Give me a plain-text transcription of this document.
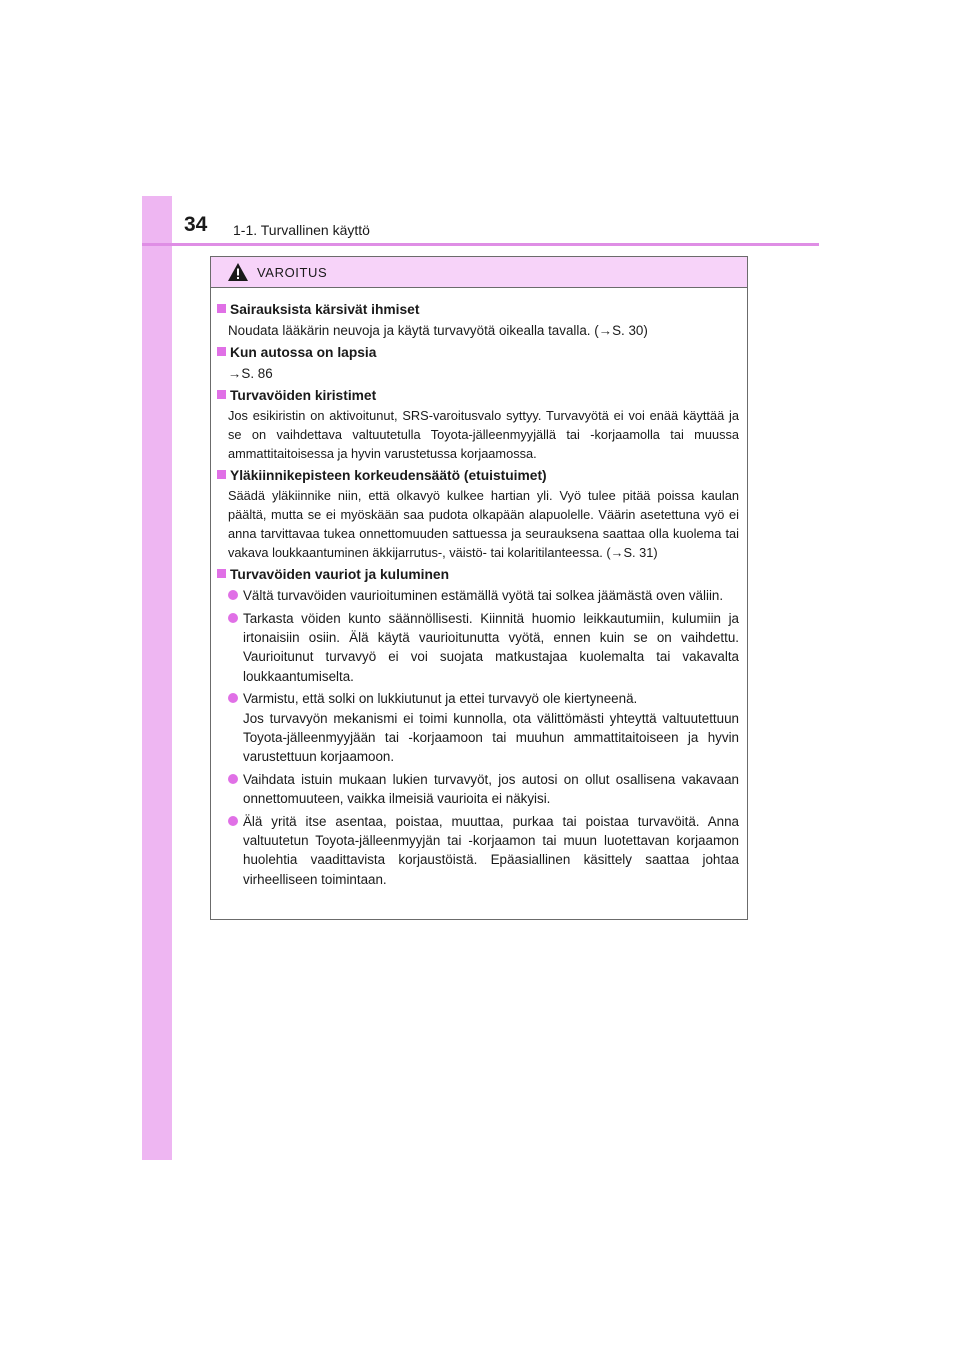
34 1-1. Turvallinen käyttö
VAROITUS
Sairauksista kärsivät ihmiset
Noudata lääkärin neuvoja ja käytä turvavyötä oikealla tavalla. (→S. 30)
Kun autossa on lapsia
→S. 86
Turvavöiden kiristimet
Jos esikiristin on aktivoitunut, SRS-varoitusvalo syttyy. Turvavyötä ei voi enää käyttää ja se on vaihdettava valtuutetulla Toyota-jälleenmyyjällä tai -korjaamolla tai muussa ammattitaitoisessa ja hyvin varustetussa korjaamossa.
Yläkiinnikepisteen korkeudensäätö (etuistuimet)
Säädä yläkiinnike niin, että olkavyö kulkee hartian yli. Vyö tulee pitää poissa kaulan päältä, mutta se ei myöskään saa pudota olkapään alapuolelle. Väärin asetettuna vyö ei anna tarvittavaa tukea onnettomuuden sattuessa ja seurauksena saattaa olla kuolema tai vakava loukkaantuminen äkkijarrutus-, väistö- tai kolaritilanteessa. (→S. 31)
Turvavöiden vauriot ja kuluminen
Vältä turvavöiden vaurioituminen estämällä vyötä tai solkea jäämästä oven väliin.
Tarkasta vöiden kunto säännöllisesti. Kiinnitä huomio leikkautumiin, kulumiin ja irtonaisiin osiin. Älä käytä vaurioitunutta vyötä, ennen kuin se on vaihdettu. Vaurioitunut turvavyö ei voi suojata matkustajaa kuolemalta tai vakavalta loukkaantumiselta.
Varmistu, että solki on lukkiutunut ja ettei turvavyö ole kiertyneenä.
Jos turvavyön mekanismi ei toimi kunnolla, ota välittömästi yhteyttä valtuutettuun Toyota-jälleenmyyjään tai -korjaamoon tai muuhun ammattitaitoiseen ja hyvin varustettuun korjaamoon.
Vaihdata istuin mukaan lukien turvavyöt, jos autosi on ollut osallisena vakavaan onnettomuuteen, vaikka ilmeisiä vaurioita ei näkyisi.
Älä yritä itse asentaa, poistaa, muuttaa, purkaa tai poistaa turvavöitä. Anna valtuutetun Toyota-jälleenmyyjän tai -korjaamon tai muun luotettavan korjaamon huolehtia vaadittavista korjaustöistä. Epäasiallinen käsittely saattaa johtaa virheelliseen toimintaan.
